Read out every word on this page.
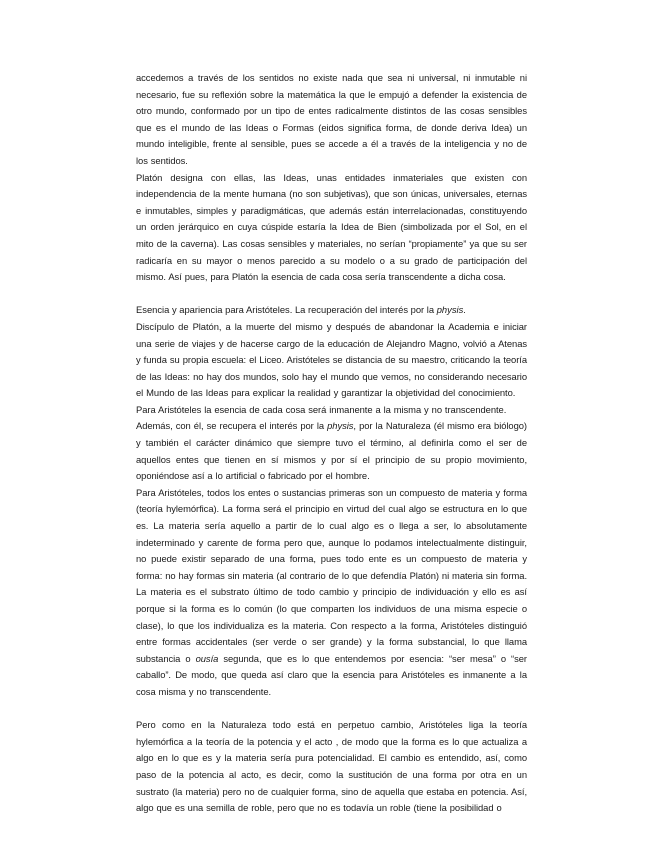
accedemos a través de los sentidos no existe nada que sea ni universal, ni inmutable ni necesario, fue su reflexión sobre la matemática la que le empujó a defender la existencia de otro mundo, conformado por un tipo de entes radicalmente distintos de las cosas sensibles que es el mundo de las Ideas o Formas (eidos significa forma, de donde deriva Idea) un mundo inteligible, frente al sensible, pues se accede a él a través de la inteligencia y no de los sentidos.

Platón designa con ellas, las Ideas, unas entidades inmateriales que existen con independencia de la mente humana (no son subjetivas), que son únicas, universales, eternas e inmutables, simples y paradigmáticas, que además están interrelacionadas, constituyendo un orden jerárquico en cuya cúspide estaría la Idea de Bien (simbolizada por el Sol, en el mito de la caverna). Las cosas sensibles y materiales, no serían “propiamente” ya que su ser radicaría en su mayor o menos parecido a su modelo o a su grado de participación del mismo. Así pues, para Platón la esencia de cada cosa sería transcendente a dicha cosa.

Esencia y apariencia para Aristóteles. La recuperación del interés por la physis.

Discípulo de Platón, a la muerte del mismo y después de abandonar la Academia e iniciar una serie de viajes y de hacerse cargo de la educación de Alejandro Magno, volvió a Atenas y funda su propia escuela: el Liceo. Aristóteles se distancia de su maestro, criticando la teoría de las Ideas: no hay dos mundos, solo hay el mundo que vemos, no considerando necesario el Mundo de las Ideas para explicar la realidad y garantizar la objetividad del conocimiento.

Para Aristóteles la esencia de cada cosa será inmanente a la misma y no transcendente.

Además, con él, se recupera el interés por la physis, por la Naturaleza (él mismo era biólogo) y también el carácter dinámico que siempre tuvo el término, al definirla como el ser de aquellos entes que tienen en sí mismos y por sí el principio de su propio movimiento, oponiéndose así a lo artificial o fabricado por el hombre.

Para Aristóteles, todos los entes o sustancias primeras son un compuesto de materia y forma (teoría hylemórfica). La forma será el principio en virtud del cual algo se estructura en lo que es. La materia sería aquello a partir de lo cual algo es o llega a ser, lo absolutamente indeterminado y carente de forma pero que, aunque lo podamos intelectualmente distinguir, no puede existir separado de una forma, pues todo ente es un compuesto de materia y forma: no hay formas sin materia (al contrario de lo que defendía Platón) ni materia sin forma. La materia es el substrato último de todo cambio y principio de individuación y ello es así porque si la forma es lo común (lo que comparten los individuos de una misma especie o clase), lo que los individualiza es la materia. Con respecto a la forma, Aristóteles distinguió entre formas accidentales (ser verde o ser grande) y la forma substancial, lo que llama substancia o ousía segunda, que es lo que entendemos por esencia: “ser mesa” o “ser caballo”. De modo, que queda así claro que la esencia para Aristóteles es inmanente a la cosa misma y no transcendente.

Pero como en la Naturaleza todo está en perpetuo cambio, Aristóteles liga la teoría hylemórfica a la teoría de la potencia y el acto , de modo que la forma es lo que actualiza a algo en lo que es y la materia sería pura potencialidad. El cambio es entendido, así, como paso de la potencia al acto, es decir, como la sustitución de una forma por otra en un sustrato (la materia) pero no de cualquier forma, sino de aquella que estaba en potencia. Así, algo que es una semilla de roble, pero que no es todavía un roble (tiene la posibilidad o
